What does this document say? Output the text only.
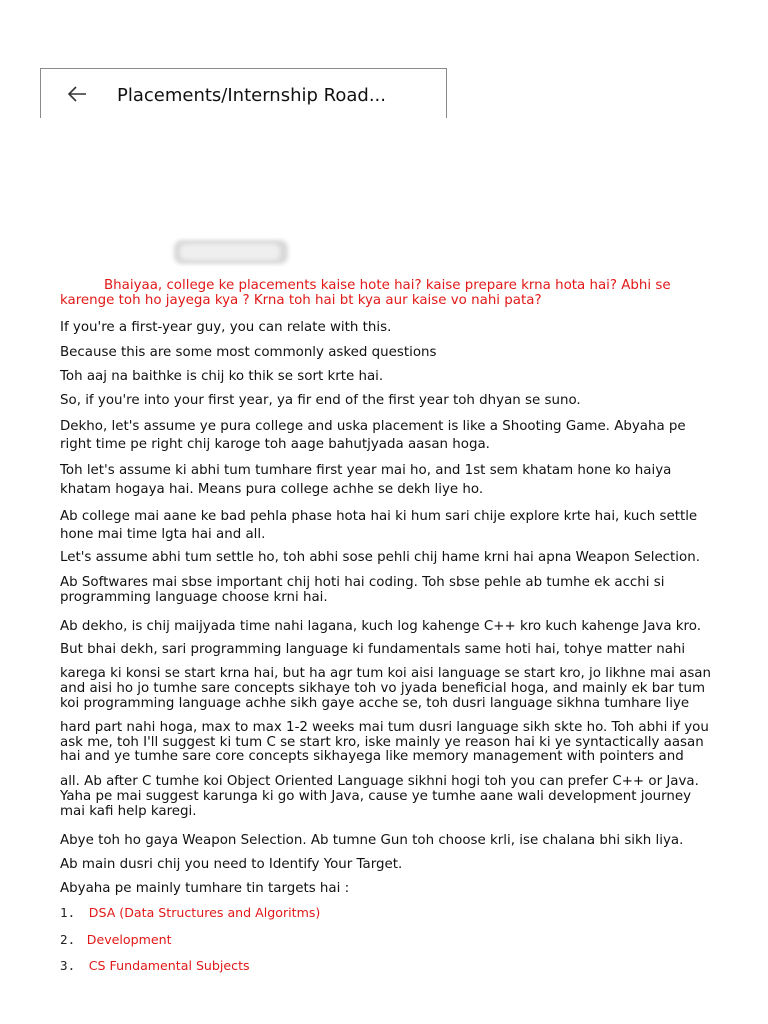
Placements/Internship Road...
Bhaiyaa, college ke placements kaise hote hai? kaise prepare krna hota hai? Abhi se
karenge toh ho jayega kya ? Krna toh hai bt kya aur kaise vo nahi pata?
If you're a first-year guy, you can relate with this.
Because this are some most commonly asked questions
Toh aaj na baithke is chij ko thik se sort krte hai.
So, if you're into your first year, ya fir end of the first year toh dhyan se suno.
Dekho, let's assume ye pura college and uska placement is like a Shooting Game. Abyaha pe
right time pe right chij karoge toh aage bahutjyada aasan hoga.
Toh let's assume ki abhi tum tumhare first year mai ho, and 1st sem khatam hone ko haiya
khatam hogaya hai. Means pura college achhe se dekh liye ho.
Ab college mai aane ke bad pehla phase hota hai ki hum sari chije explore krte hai, kuch settle
hone mai time lgta hai and all.
Let's assume abhi tum settle ho, toh abhi sose pehli chij hame krni hai apna Weapon Selection.
Ab Softwares mai sbse important chij hoti hai coding. Toh sbse pehle ab tumhe ek acchi si
programming language choose krni hai.
Ab dekho, is chij maijyada time nahi lagana, kuch log kahenge C++ kro kuch kahenge Java kro.
But bhai dekh, sari programming language ki fundamentals same hoti hai, tohye matter nahi
karega ki konsi se start krna hai, but ha agr tum koi aisi language se start kro, jo likhne mai asan
and aisi ho jo tumhe sare concepts sikhaye toh vo jyada beneficial hoga, and mainly ek bar tum
koi programming language achhe sikh gaye acche se, toh dusri language sikhna tumhare liye
hard part nahi hoga, max to max 1-2 weeks mai tum dusri language sikh skte ho. Toh abhi if you
ask me, toh I'll suggest ki tum C se start kro, iske mainly ye reason hai ki ye syntactically aasan
hai and ye tumhe sare core concepts sikhayega like memory management with pointers and
all. Ab after C tumhe koi Object Oriented Language sikhni hogi toh you can prefer C++ or Java.
Yaha pe mai suggest karunga ki go with Java, cause ye tumhe aane wali development journey
mai kafi help karegi.
Abye toh ho gaya Weapon Selection. Ab tumne Gun toh choose krli, ise chalana bhi sikh liya.
Ab main dusri chij you need to Identify Your Target.
Abyaha pe mainly tumhare tin targets hai :
1. DSA (Data Structures and Algoritms)
2. Development
3. CS Fundamental Subjects
